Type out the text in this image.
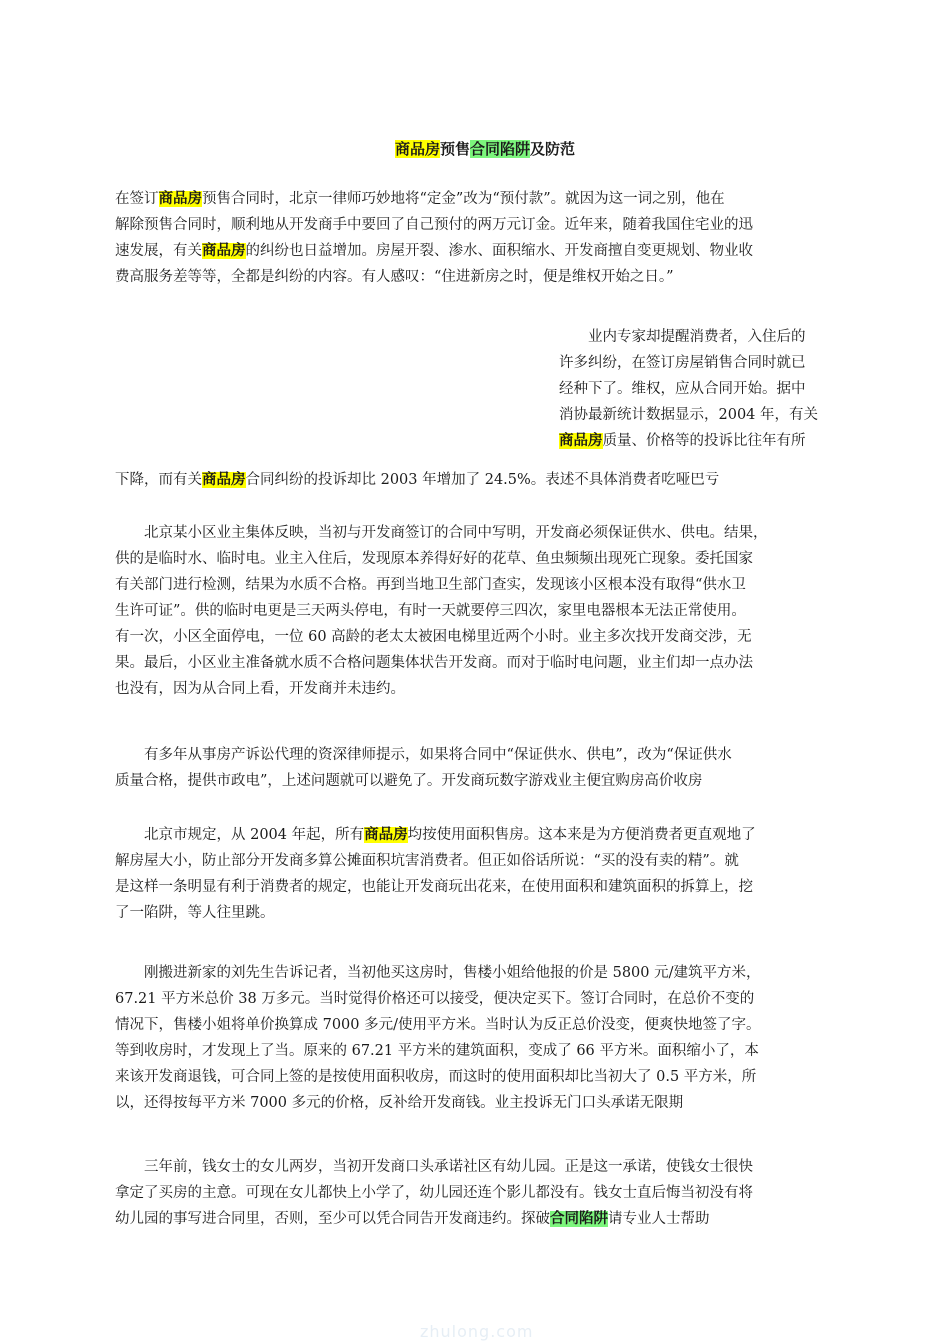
商品房预售合同陷阱及防范
在签订商品房预售合同时，北京一律师巧妙地将“定金”改为“预付款”。就因为这一词之别，他在
解除预售合同时，顺利地从开发商手中要回了自己预付的两万元订金。近年来，随着我国住宅业的迅
速发展，有关商品房的纠纷也日益增加。房屋开裂、渗水、面积缩水、开发商擅自变更规划、物业收
费高服务差等等，全都是纠纷的内容。有人感叹：“住进新房之时，便是维权开始之日。”
业内专家却提醒消费者，入住后的
许多纠纷，在签订房屋销售合同时就已
经种下了。维权，应从合同开始。据中
消协最新统计数据显示，2004 年，有关
商品房质量、价格等的投诉比往年有所
下降，而有关商品房合同纠纷的投诉却比 2003 年增加了 24.5%。表述不具体消费者吃哑巴亏
北京某小区业主集体反映，当初与开发商签订的合同中写明，开发商必须保证供水、供电。结果，
供的是临时水、临时电。业主入住后，发现原本养得好好的花草、鱼虫频频出现死亡现象。委托国家
有关部门进行检测，结果为水质不合格。再到当地卫生部门查实，发现该小区根本没有取得“供水卫
生许可证”。供的临时电更是三天两头停电，有时一天就要停三四次，家里电器根本无法正常使用。
有一次，小区全面停电，一位 60 高龄的老太太被困电梯里近两个小时。业主多次找开发商交涉，无
果。最后，小区业主准备就水质不合格问题集体状告开发商。而对于临时电问题，业主们却一点办法
也没有，因为从合同上看，开发商并未违约。
有多年从事房产诉讼代理的资深律师提示，如果将合同中“保证供水、供电”，改为“保证供水
质量合格，提供市政电”，上述问题就可以避免了。开发商玩数字游戏业主便宜购房高价收房
北京市规定，从 2004 年起，所有商品房均按使用面积售房。这本来是为方便消费者更直观地了
解房屋大小，防止部分开发商多算公摊面积坑害消费者。但正如俗话所说：“买的没有卖的精”。就
是这样一条明显有利于消费者的规定，也能让开发商玩出花来，在使用面积和建筑面积的拆算上，挖
了一陷阱，等人往里跳。
刚搬进新家的刘先生告诉记者，当初他买这房时，售楼小姐给他报的价是 5800 元/建筑平方米，
67.21 平方米总价 38 万多元。当时觉得价格还可以接受，便决定买下。签订合同时，在总价不变的
情况下，售楼小姐将单价换算成 7000 多元/使用平方米。当时认为反正总价没变，便爽快地签了字。
等到收房时，才发现上了当。原来的 67.21 平方米的建筑面积，变成了 66 平方米。面积缩小了，本
来该开发商退钱，可合同上签的是按使用面积收房，而这时的使用面积却比当初大了 0.5 平方米，所
以，还得按每平方米 7000 多元的价格，反补给开发商钱。业主投诉无门口头承诺无限期
三年前，钱女士的女儿两岁，当初开发商口头承诺社区有幼儿园。正是这一承诺，使钱女士很快
拿定了买房的主意。可现在女儿都快上小学了，幼儿园还连个影儿都没有。钱女士直后悔当初没有将
幼儿园的事写进合同里，否则，至少可以凭合同告开发商违约。探破合同陷阱请专业人士帮助
zhulong.com
